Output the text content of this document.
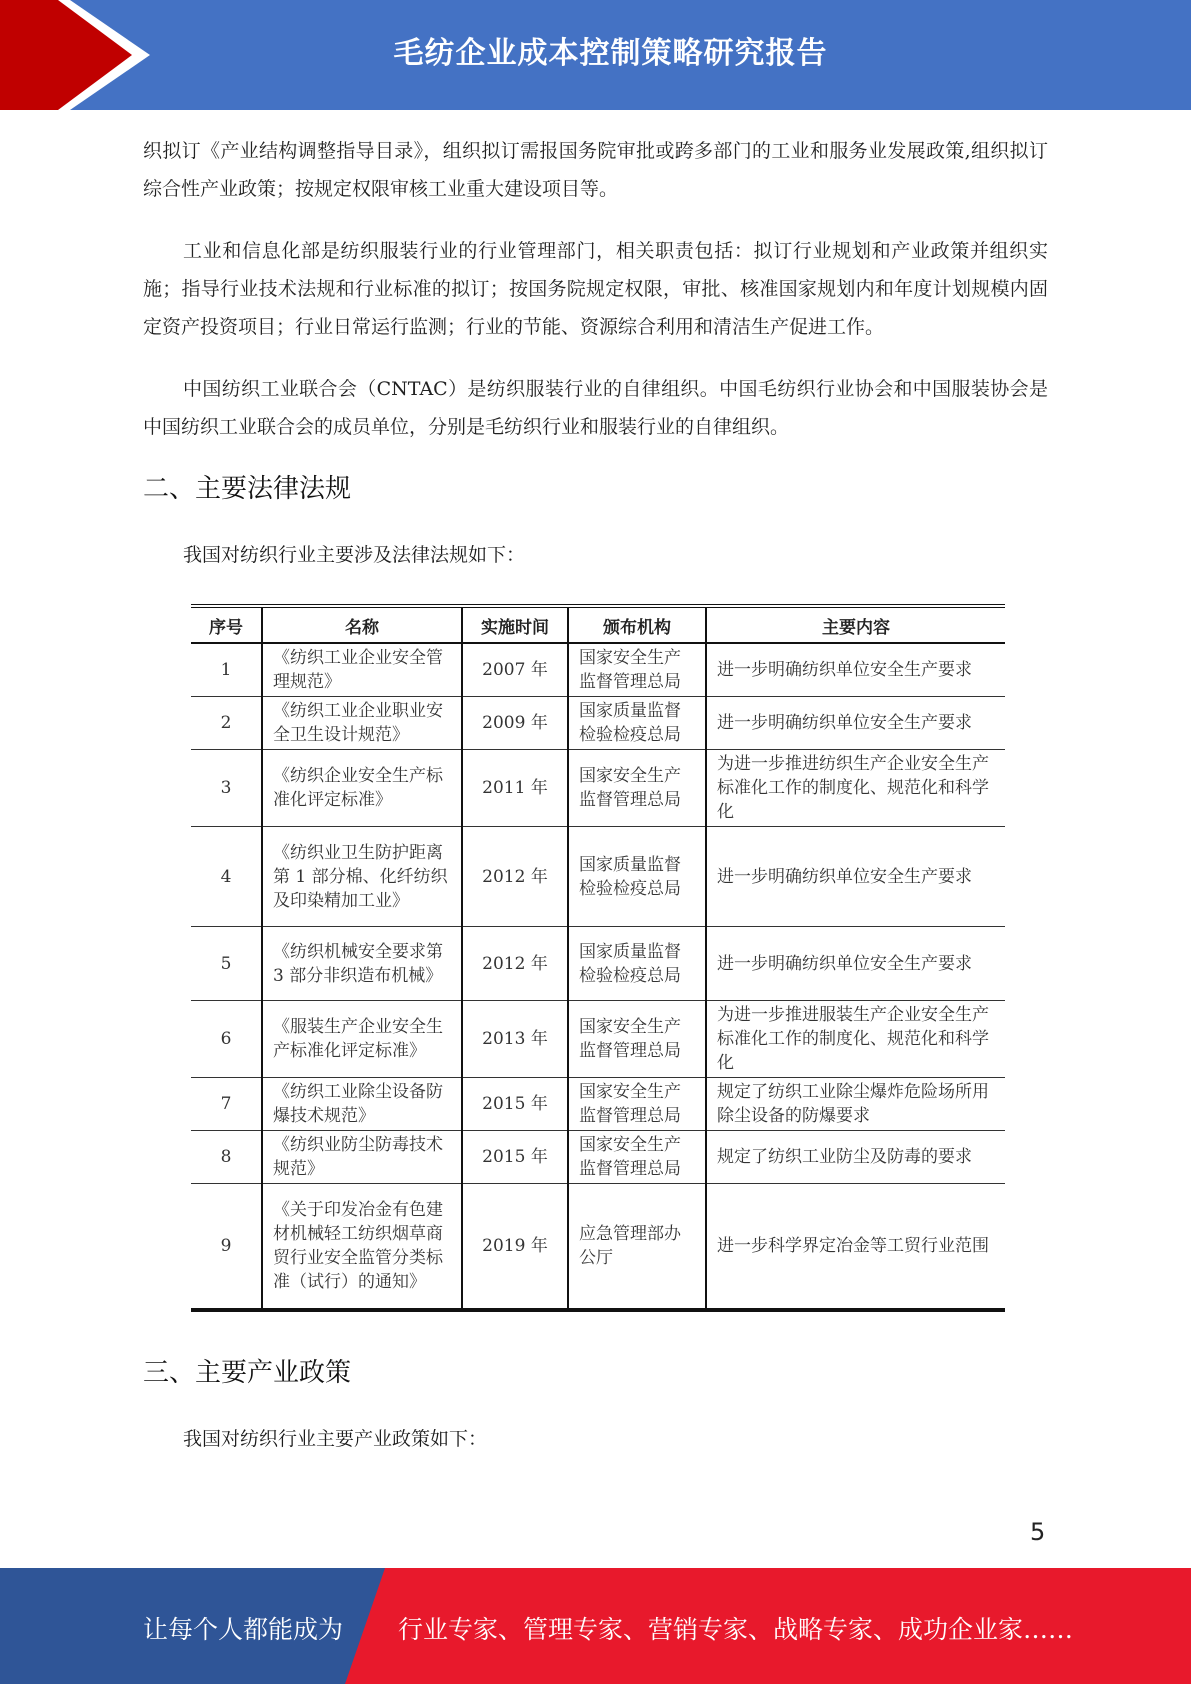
毛纺企业成本控制策略研究报告

织拟订《产业结构调整指导目录》，组织拟订需报国务院审批或跨多部门的工业和服务业发展政策,组织拟订综合性产业政策；按规定权限审核工业重大建设项目等。

工业和信息化部是纺织服装行业的行业管理部门，相关职责包括：拟订行业规划和产业政策并组织实施；指导行业技术法规和行业标准的拟订；按国务院规定权限，审批、核准国家规划内和年度计划规模内固定资产投资项目；行业日常运行监测；行业的节能、资源综合利用和清洁生产促进工作。

中国纺织工业联合会（CNTAC）是纺织服装行业的自律组织。中国毛纺织行业协会和中国服装协会是中国纺织工业联合会的成员单位，分别是毛纺织行业和服装行业的自律组织。

二、主要法律法规

我国对纺织行业主要涉及法律法规如下：

序号	名称	实施时间	颁布机构	主要内容
1	《纺织工业企业安全管理规范》	2007 年	国家安全生产监督管理总局	进一步明确纺织单位安全生产要求
2	《纺织工业企业职业安全卫生设计规范》	2009 年	国家质量监督检验检疫总局	进一步明确纺织单位安全生产要求
3	《纺织企业安全生产标准化评定标准》	2011 年	国家安全生产监督管理总局	为进一步推进纺织生产企业安全生产标准化工作的制度化、规范化和科学化
4	《纺织业卫生防护距离第 1 部分棉、化纤纺织及印染精加工业》	2012 年	国家质量监督检验检疫总局	进一步明确纺织单位安全生产要求
5	《纺织机械安全要求第 3 部分非织造布机械》	2012 年	国家质量监督检验检疫总局	进一步明确纺织单位安全生产要求
6	《服装生产企业安全生产标准化评定标准》	2013 年	国家安全生产监督管理总局	为进一步推进服装生产企业安全生产标准化工作的制度化、规范化和科学化
7	《纺织工业除尘设备防爆技术规范》	2015 年	国家安全生产监督管理总局	规定了纺织工业除尘爆炸危险场所用除尘设备的防爆要求
8	《纺织业防尘防毒技术规范》	2015 年	国家安全生产监督管理总局	规定了纺织工业防尘及防毒的要求
9	《关于印发冶金有色建材机械轻工纺织烟草商贸行业安全监管分类标准（试行）的通知》	2019 年	应急管理部办公厅	进一步科学界定冶金等工贸行业范围
三、主要产业政策

我国对纺织行业主要产业政策如下：

5
让每个人都能成为 行业专家、管理专家、营销专家、战略专家、成功企业家……
